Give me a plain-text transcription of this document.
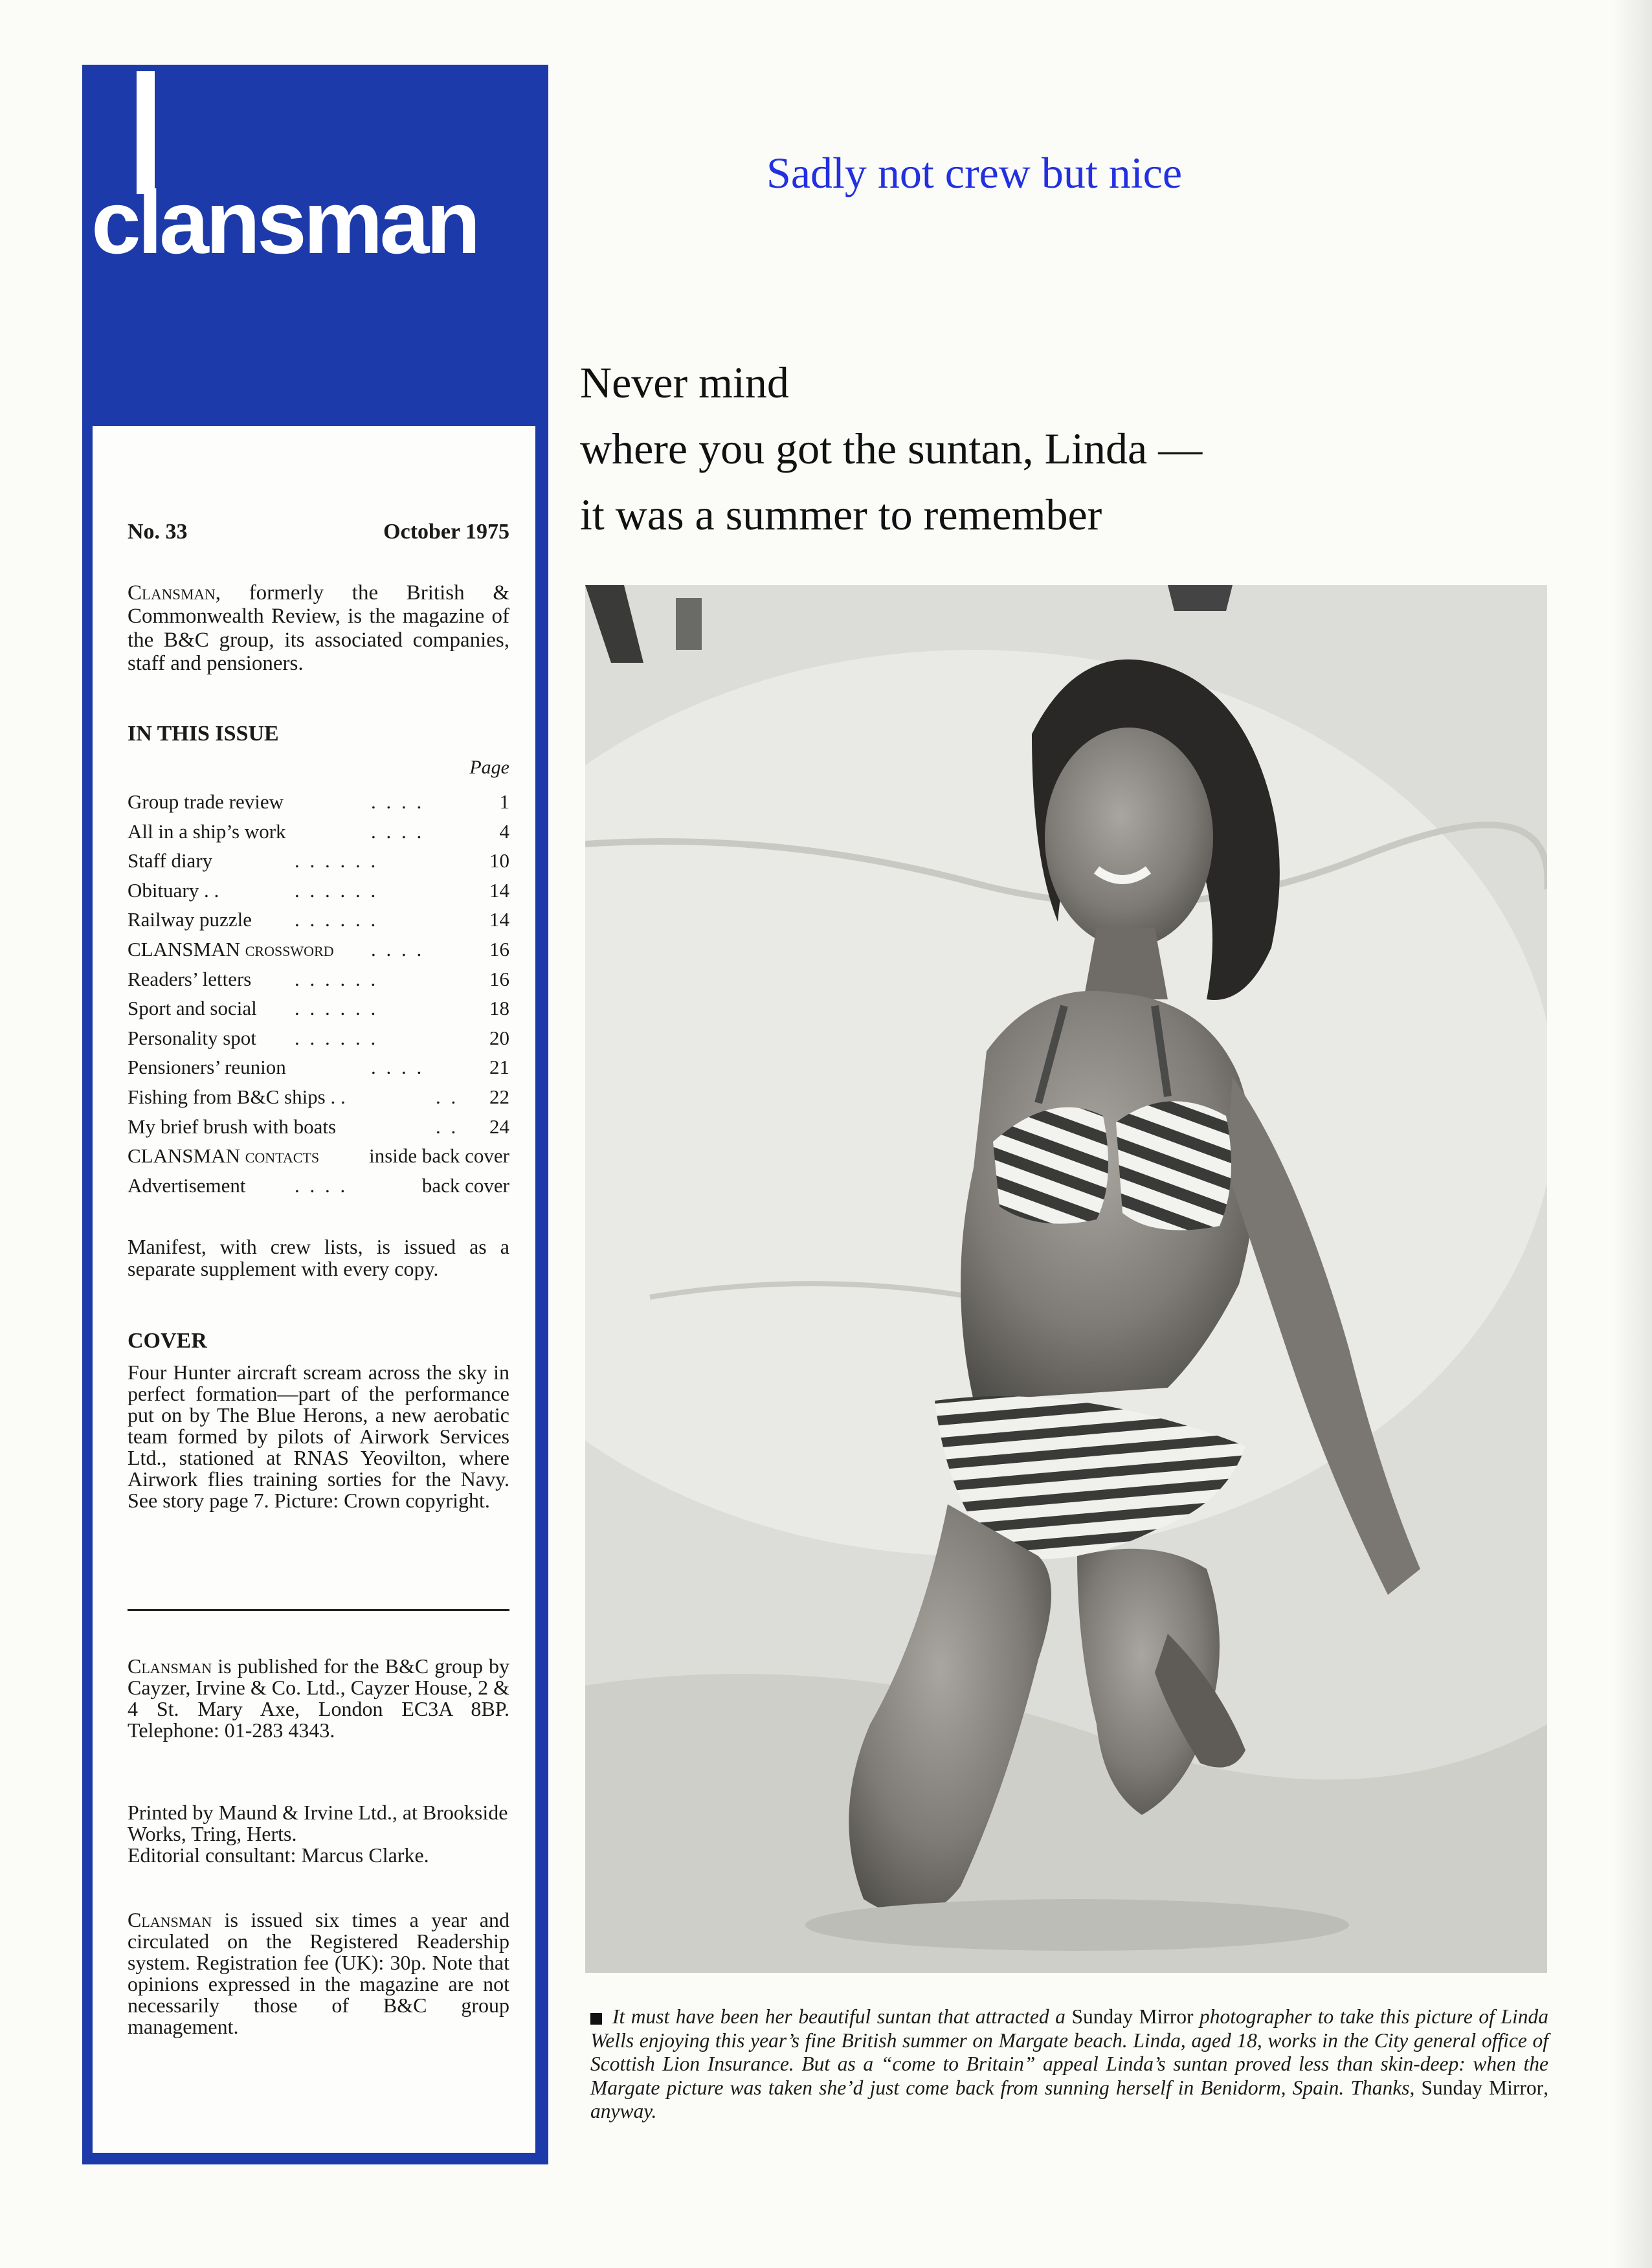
clansman
No. 33	October 1975
Clansman, formerly the British & Commonwealth Review, is the magazine of the B&C group, its associated companies, staff and pensioners.
IN THIS ISSUE
Page
Group trade review	. . . .	1
All in a ship’s work	. . . .	4
Staff diary	. . . . . .	10
Obituary . .	. . . . . .	14
Railway puzzle . . . . . .	14
CLANSMAN crossword . . . .	16
Readers’ letters . . . . . .	16
Sport and social . . . . . .	18
Personality spot . . . . . .	20
Pensioners’ reunion	. . . .	21
Fishing from B&C ships . .	. . 22
My brief brush with boats	. . 24
CLANSMAN contacts inside back cover
Advertisement . . . .	back cover
Manifest, with crew lists, is issued as a separate supplement with every copy.
COVER
Four Hunter aircraft scream across the sky in perfect formation—part of the performance put on by The Blue Herons, a new aerobatic team formed by pilots of Airwork Services Ltd., stationed at RNAS Yeovilton, where Airwork flies training sorties for the Navy. See story page 7. Picture: Crown copyright.
Clansman is published for the B&C group by Cayzer, Irvine & Co. Ltd., Cayzer House, 2 & 4 St. Mary Axe, London EC3A 8BP. Telephone: 01-283 4343.
Printed by Maund & Irvine Ltd., at Brookside Works, Tring, Herts.
Editorial consultant: Marcus Clarke.
Clansman is issued six times a year and circulated on the Registered Readership system. Registration fee (UK): 30p. Note that opinions expressed in the magazine are not necessarily those of B&C group management.
Sadly not crew but nice
Never mind
where you got the suntan, Linda —
it was a summer to remember
It must have been her beautiful suntan that attracted a Sunday Mirror photographer to take this picture of Linda Wells enjoying this year’s fine British summer on Margate beach. Linda, aged 18, works in the City general office of Scottish Lion Insurance. But as a “come to Britain” appeal Linda’s suntan proved less than skin-deep: when the Margate picture was taken she’d just come back from sunning herself in Benidorm, Spain. Thanks, Sunday Mirror, anyway.
